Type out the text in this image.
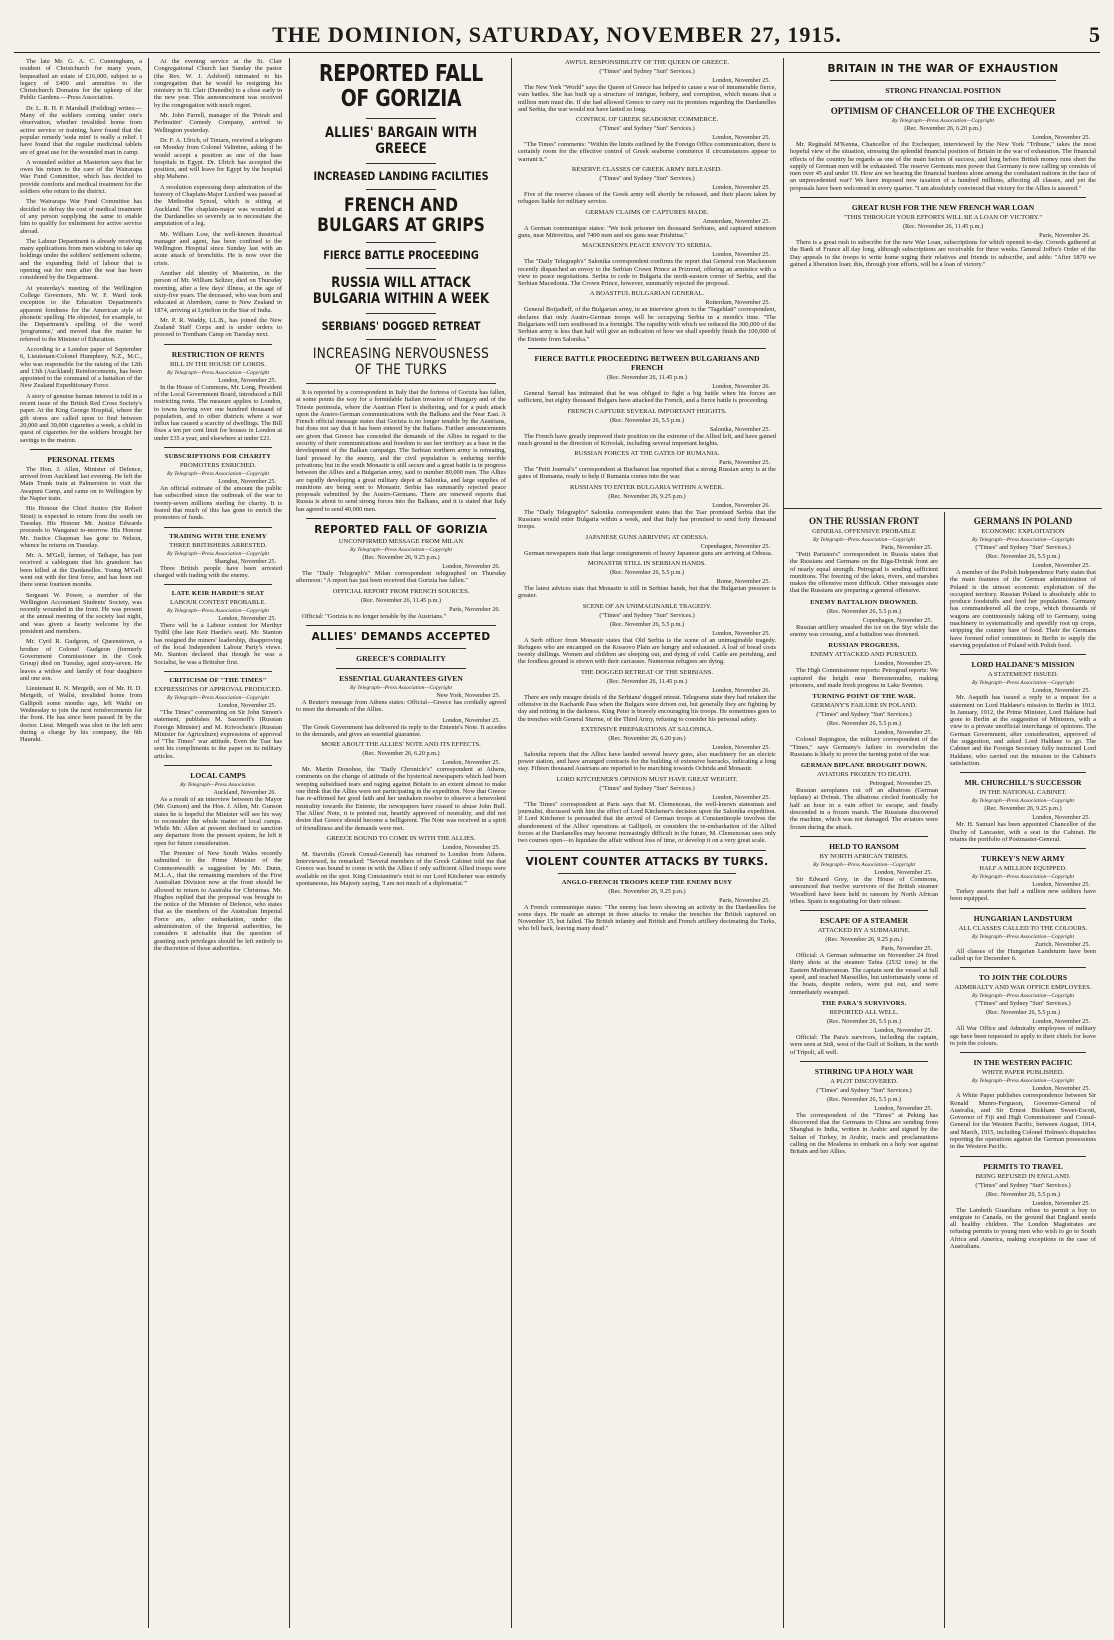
THE DOMINION, SATURDAY, NOVEMBER 27, 1915.	5

The late Mr. G. A. C. Cunningham, a resident of Christchurch for many years, bequeathed an estate of £16,000, subject to a legacy of £400 and annuities to the Christchurch Domains for the upkeep of the Public Gardens.—Press Association.

Dr. L. R. H. P. Marshall (Feilding) writes:—Many of the soldiers coming under one's observation, whether invalided home from active service or training, have found that the popular remedy 'soda mint' is really a relief. I have found that the regular medicinal tablets are of great use for the wounded man in camp.

A wounded soldier at Masterton says that he owes his return to the care of the Wairarapa War Fund Committee, which has decided to provide comforts and medical treatment for the soldiers who return to the district.

The Wairarapa War Fund Committee has decided to defray the cost of medical treatment of any person supplying the same to enable him to qualify for enlistment for active service abroad.

The Labour Department is already receiving many applications from men wishing to take up holdings under the soldiers' settlement scheme, and the expanding field of labour that is opening out for men after the war has been considered by the Department.

At yesterday's meeting of the Wellington College Governors, Mr. W. F. Ward took exception to the Education Department's apparent fondness for the American style of phonetic spelling. He objected, for example, to the Department's spelling of the word 'programme,' and moved that the matter be referred to the Minister of Education.

According to a London paper of September 6, Lieutenant-Colonel Humphrey, N.Z., M.C., who was responsible for the raising of the 12th and 13th (Auckland) Reinforcements, has been appointed to the command of a battalion of the New Zealand Expeditionary Force.

A story of genuine human interest is told in a recent issue of the British Red Cross Society's paper. At the King George Hospital, where the gift stores are called upon to find between 20,000 and 30,000 cigarettes a week, a child in quest of cigarettes for the soldiers brought her savings to the matron.

PERSONAL ITEMS

The Hon. J. Allen, Minister of Defence, arrived from Auckland last evening. He left the Main Trunk train at Palmerston to visit the Awapuni Camp, and came on to Wellington by the Napier train.

His Honour the Chief Justice (Sir Robert Stout) is expected to return from the south on Tuesday. His Honour Mr. Justice Edwards proceeds to Wanganui to-morrow. His Honour Mr. Justice Chapman has gone to Nelson, whence he returns on Tuesday.

Mr. A. M'Gell, farmer, of Taihape, has just received a cablegram that his grandson has been killed at the Dardanelles. Young M'Gell went out with the first force, and has been out there some fourteen months.

Sergeant W. Power, a member of the Wellington Accountant Students' Society, was recently wounded in the front. He was present at the annual meeting of the society last night, and was given a hearty welcome by the president and members.

Mr. Cyril R. Gudgeon, of Queenstown, a brother of Colonel Gudgeon (formerly Government Commissioner in the Cook Group) died on Tuesday, aged sixty-seven. He leaves a widow and family of four daughters and one son.

Lieutenant R. N. Mergeth, son of Mr. H. D. Mergeth, of Wallsi, invalided home from Gallipoli some months ago, left Waihi on Wednesday to join the next reinforcements for the front. He has since been passed fit by the doctor. Lieut. Mergeth was shot in the left arm during a charge by his company, the 6th Hauraki.

At the evening service at the St. Clair Congregational Church last Sunday the pastor (the Rev. W. J. Ashford) intimated to his congregation that he would be resigning his ministry in St. Clair (Dunedin) to a close early in the new year. This announcement was received by the congregation with much regret.

Mr. John Farrell, manager of the 'Petrah and Perlmutter' Comedy Company, arrived in Wellington yesterday.

Dr. F. A. Ulrich, of Timaru, received a telegram on Monday from Colonel Valintine, asking if he would accept a position as one of the base hospitals in Egypt. Dr. Ulrich has accepted the position, and will leave for Egypt by the hospital ship Maheno.

A resolution expressing deep admiration of the bravery of Chaplain-Major Luxford was passed at the Methodist Synod, which is sitting at Auckland. The chaplain-major was wounded at the Dardanelles so severely as to necessitate the amputation of a leg.

Mr. William Low, the well-known theatrical manager and agent, has been confined to the Wellington Hospital since Sunday last with an acute attack of bronchitis. He is now over the crisis.

Another old identity of Masterton, in the person of Mr. William Seltzer, died on Thursday morning, after a few days' illness, at the age of sixty-five years. The deceased, who was born and educated at Aberdeen, came to New Zealand in 1874, arriving at Lyttelton in the Star of India.

Mr. P. R. Waddy, LL.B., has joined the New Zealand Staff Corps and is under orders to proceed to Trentham Camp on Tuesday next.

RESTRICTION OF RENTS
BILL IN THE HOUSE OF LORDS.
By Telegraph—Press Association—Copyright
London, November 25.

In the House of Commons, Mr. Long, President of the Local Government Board, introduced a Bill restricting rents. The measure applies to London, to towns having over one hundred thousand of population, and to other districts where a war influx has caused a scarcity of dwellings. The Bill fixes a ten per cent limit for houses in London at under £35 a year, and elsewhere at under £21.

SUBSCRIPTIONS FOR CHARITY
PROMOTERS ENRICHED.
By Telegraph—Press Association—Copyright
London, November 25.

An official estimate of the amount the public has subscribed since the outbreak of the war to twenty-seven millions sterling for charity. It is feared that much of this has gone to enrich the promoters of funds.

TRADING WITH THE ENEMY
THREE BRITISHERS ARRESTED.
By Telegraph—Press Association—Copyright
Shanghai, November 25.

Three British people have been arrested charged with trading with the enemy.

LATE KEIR HARDIE'S SEAT
LABOUR CONTEST PROBABLE.
By Telegraph—Press Association—Copyright
London, November 25.

There will be a Labour contest for Merthyr Tydfil (the late Keir Hardie's seat). Mr. Stanton has resigned the miners' leadership, disapproving of the local Independent Labour Party's views. Mr. Stanton declared that though he was a Socialist, he was a Britisher first.

CRITICISM OF "THE TIMES"
EXPRESSIONS OF APPROVAL PRODUCED.
By Telegraph—Press Association—Copyright
London, November 25.

"The Times" commenting on Sir John Simon's statement, publishes M. Sazonoff's (Russian Foreign Minister) and M. Krivochein's (Russian Minister for Agriculture) expressions of approval of "The Times" war attitude. Even the Tsar has sent his compliments to the paper on its military articles.

LOCAL CAMPS
By Telegraph—Press Association.
Auckland, November 26.

As a result of an interview between the Mayor (Mr. Gunson) and the Hon. J. Allen, Mr. Gunson states he is hopeful the Minister will see his way to reconsider the whole matter of local camps. While Mr. Allen at present declined to sanction any departure from the present system, he left it open for future consideration.

The Premier of New South Wales recently submitted to the Prime Minister of the Commonwealth a suggestion by Mr. Dunn, M.L.A., that the remaining members of the First Australian Division now at the front should be allowed to return to Australia for Christmas. Mr. Hughes replied that the proposal was brought to the notice of the Minister of Defence, who states that as the members of the Australian Imperial Force are, after embarkation, under the administration of the Imperial authorities, he considers it advisable that the question of granting such privileges should be left entirely to the discretion of those authorities.

REPORTED FALL OF GORIZIA
ALLIES' BARGAIN WITH GREECE
INCREASED LANDING FACILITIES
FRENCH AND BULGARS AT GRIPS
FIERCE BATTLE PROCEEDING
RUSSIA WILL ATTACK BULGARIA WITHIN A WEEK
SERBIANS' DOGGED RETREAT
INCREASING NERVOUSNESS OF THE TURKS

It is reported by a correspondent in Italy that the fortress of Gorizia has fallen, at some points the way for a formidable Italian invasion of Hungary and of the Trieste peninsula, where the Austrian Fleet is sheltering, and for a push attack upon the Austro-German communications with the Balkans and the Near East. A French official message states that Gorizia is no longer tenable by the Austrians, but does not say that it has been entered by the Italians. Further announcements are given that Greece has conceded the demands of the Allies in regard to the security of their communications and freedom to use her territory as a base in the development of the Balkan campaign. The Serbian northern army is retreating, hard pressed by the enemy, and the civil population is enduring terrible privations; but in the south Monastir is still secure and a great battle is in progress between the Allies and a Bulgarian army, said to number 80,000 men. The Allies are rapidly developing a great military depot at Salonika, and large supplies of munitions are being sent to Monastir. Serbia has summarily rejected peace proposals submitted by the Austro-Germans. There are renewed reports that Russia is about to send strong forces into the Balkans, and it is stated that Italy has agreed to send 40,000 men.

REPORTED FALL OF GORIZIA
UNCONFIRMED MESSAGE FROM MILAN
By Telegraph—Press Association—Copyright
(Rec. November 26, 9.25 p.m.)
London, November 26.

The "Daily Telegraph's" Milan correspondent telegraphed on Thursday afternoon: "A report has just been received that Gorizia has fallen."

OFFICIAL REPORT FROM FRENCH SOURCES.
(Rec. November 26, 11.45 p.m.)
Paris, November 26.

Official: "Gorizia is no longer tenable by the Austrians."

ALLIES' DEMANDS ACCEPTED
GREECE'S CORDIALITY
ESSENTIAL GUARANTEES GIVEN
By Telegraph—Press Association—Copyright
New York, November 25.

A Reuter's message from Athens states: Official—Greece has cordially agreed to meet the demands of the Allies.

London, November 25.

The Greek Government has delivered its reply to the Entente's Note. It accedes to the demands, and gives an essential guarantee.

MORE ABOUT THE ALLIES' NOTE AND ITS EFFECTS.
(Rec. November 26, 6.20 p.m.)
London, November 25.

Mr. Martin Donohoe, the "Daily Chronicle's" correspondent at Athens, comments on the change of attitude of the hysterical newspapers which had been weeping subsidised tears and raging against Britain to an extent almost to make one think that the Allies were not participating in the expedition. Now that Greece has re-affirmed her good faith and her unshaken resolve to observe a benevolent neutrality towards the Entente, the newspapers have ceased to abuse John Bull. The Allies' Note, it is pointed out, heartily approved of neutrality, and did not desire that Greece should become a belligerent. The Note was received in a spirit of friendliness and the demands were met.

GREECE BOUND TO COME IN WITH THE ALLIES.
London, November 25.

M. Stavridis (Greek Consul-General) has returned to London from Athens. Interviewed, he remarked: "Several members of the Greek Cabinet told me that Greece was bound to come in with the Allies if only sufficient Allied troops were available on the spot. King Constantine's visit to our Lord Kitchener was entirely spontaneous, his Majesty saying, 'I am not much of a diplomatist.'"

AWFUL RESPONSIBILITY OF THE QUEEN OF GREECE.
("Times" and Sydney "Sun" Services.)
London, November 25.

The New York "World" says the Queen of Greece has helped to cause a war of innumerable fierce, vain battles. She has built up a structure of intrigue, bribery, and corruption, which means that a million men must die. If she had allowed Greece to carry out its promises regarding the Dardanelles and Serbia, the war would not have lasted so long.

CONTROL OF GREEK SEABORNE COMMERCE.
("Times" and Sydney "Sun" Services.)
London, November 25.

"The Times" comments: "Within the limits outlined by the Foreign Office communication, there is certainly room for the effective control of Greek seaborne commerce if circumstances appear to warrant it."

RESERVE CLASSES OF GREEK ARMY RELEASED.
("Times" and Sydney "Sun" Services.)
London, November 25.

Five of the reserve classes of the Greek army will shortly be released, and their places taken by refugees liable for military service.

GERMAN CLAIMS OF CAPTURES MADE.
Amsterdam, November 25.

A German communique states: "We took prisoner ten thousand Serbians, and captured nineteen guns, near Mitrovitza, and 7400 men and six guns near Prishtina."

MACKENSEN'S PEACE ENVOY TO SERBIA.
London, November 25.

The "Daily Telegraph's" Salonika correspondent confirms the report that General von Mackensen recently dispatched an envoy to the Serbian Crown Prince at Prizrend, offering an armistice with a view to peace negotiations. Serbia to cede to Bulgaria the north-eastern corner of Serbia, and the Serbian Macedonia. The Crown Prince, however, summarily rejected the proposal.

A BOASTFUL BULGARIAN GENERAL.
Rotterdam, November 25.

General Boijadieff, of the Bulgarian army, in an interview given to the "Tageblatt" correspondent, declares that only Austro-German troops will be occupying Serbia in a month's time. "The Bulgarians will turn southward in a fortnight. The rapidity with which we reduced the 300,000 of the Serbian army is less than half will give an indication of how we shall speedily finish the 100,000 of the Entente from Salonika."

FIERCE BATTLE PROCEEDING BETWEEN BULGARIANS AND FRENCH
(Rec. November 26, 11.45 p.m.)
London, November 26.

General Sarrail has intimated that he was obliged to fight a big battle when his forces are sufficient, but eighty thousand Bulgars have attacked the French, and a fierce battle is proceeding.

FRENCH CAPTURE SEVERAL IMPORTANT HEIGHTS.
(Rec. November 26, 5.5 p.m.)
Salonika, November 25.

The French have greatly improved their position on the extreme of the Allied left, and have gained much ground in the direction of Krivolak, including several important heights.

RUSSIAN FORCES AT THE GATES OF RUMANIA.
Paris, November 25.

The "Petit Journal's" correspondent at Bucharest has reported that a strong Russian army is at the gates of Rumania, ready to help if Rumania comes into the war.

RUSSIANS TO ENTER BULGARIA WITHIN A WEEK.
(Rec. November 26, 9.25 p.m.)
London, November 26.

The "Daily Telegraph's" Salonika correspondent states that the Tsar promised Serbia that the Russians would enter Bulgaria within a week, and that Italy has promised to send forty thousand troops.

JAPANESE GUNS ARRIVING AT ODESSA.
Copenhagen, November 25.

German newspapers state that large consignments of heavy Japanese guns are arriving at Odessa.

MONASTIR STILL IN SERBIAN HANDS.
(Rec. November 26, 5.5 p.m.)
Rome, November 25.

The latest advices state that Monastir is still in Serbian hands, but that the Bulgarian pressure is greater.

SCENE OF AN UNIMAGINABLE TRAGEDY.
("Times" and Sydney "Sun" Services.)
(Rec. November 26, 5.5 p.m.)
London, November 25.

A Serb officer from Monastir states that Old Serbia is the scene of an unimaginable tragedy. Refugees who are encamped on the Kossovo Plain are hungry and exhausted. A loaf of bread costs twenty shillings. Women and children are sleeping out, and dying of cold. Cattle are perishing, and the foodless ground is strewn with their carcasses. Numerous refugees are dying.

THE DOGGED RETREAT OF THE SERBIANS.
(Rec. November 26, 11.45 p.m.)
London, November 26.

There are only meagre details of the Serbians' dogged retreat. Telegrams state they had retaken the offensive in the Kachanik Pass when the Bulgars were driven out, but generally they are fighting by day and retiring in the darkness. King Peter is bravely encouraging his troops. He sometimes goes to the trenches with General Sturme, of the Third Army, refusing to consider his personal safety.

EXTENSIVE PREPARATIONS AT SALONIKA.
(Rec. November 26, 6.20 p.m.)
London, November 25.

Salonika reports that the Allies have landed several heavy guns, also machinery for an electric power station, and have arranged contracts for the building of extensive barracks, indicating a long stay. Fifteen thousand Austrians are reported to be marching towards Ochrida and Monastir.

LORD KITCHENER'S OPINION MUST HAVE GREAT WEIGHT.
("Times" and Sydney "Sun" Services.)
London, November 25.

"The Times" correspondent at Paris says that M. Clemenceau, the well-known statesman and journalist, discussed with him the effect of Lord Kitchener's decision upon the Salonika expedition. If Lord Kitchener is persuaded that the arrival of German troops at Constantinople involves the abandonment of the Allies' operations at Gallipoli, or considers the re-embarkation of the Allied forces at the Dardanelles may become increasingly difficult in the future, M. Clemenceau sees only two courses open—to liquidate the affair without loss of time, or develop it on a very great scale.

VIOLENT COUNTER ATTACKS BY TURKS.
ANGLO-FRENCH TROOPS KEEP THE ENEMY BUSY
(Rec. November 26, 9.25 p.m.)
Paris, November 25.

A French communique states: "The enemy has been showing an activity in the Dardanelles for some days. He made an attempt in three attacks to retake the trenches the British captured on November 15, but failed. The British infantry and British and French artillery decimating the Turks, who fell back, leaving many dead."

BRITAIN IN THE WAR OF EXHAUSTION
STRONG FINANCIAL POSITION
OPTIMISM OF CHANCELLOR OF THE EXCHEQUER
By Telegraph—Press Association—Copyright
(Rec. November 26, 6.20 p.m.)
London, November 25.

Mr. Reginald M'Kenna, Chancellor of the Exchequer, interviewed by the New York "Tribune," takes the most hopeful view of the situation, stressing the splendid financial position of Britain in the war of exhaustion. The financial effects of the country he regards as one of the main factors of success, and long before British money runs short the supply of German men will be exhausted. The reserve Germans men power that Germany is now calling up consists of men over 45 and under 19. How are we bearing the financial burdens alone among the combatant nations in the face of an unprecedented war? We have imposed new taxation of a hundred millions, affecting all classes, and yet the proposals have been welcomed in every quarter. "I am absolutely convinced that victory for the Allies is assured."

GREAT RUSH FOR THE NEW FRENCH WAR LOAN
"THIS THROUGH YOUR EFFORTS WILL BE A LOAN OF VICTORY."
(Rec. November 26, 11.45 p.m.)
Paris, November 26.

There is a great rush to subscribe for the new War Loan, subscriptions for which opened to-day. Crowds gathered at the Bank of France all day long, although subscriptions are receivable for three weeks. General Joffre's Order of the Day appeals to the troops to write home urging their relatives and friends to subscribe, and adds: "After 1870 we gained a liberation loan; this, through your efforts, will be a loan of victory."

ON THE RUSSIAN FRONT
GENERAL OFFENSIVE PROBABLE
By Telegraph—Press Association—Copyright
Paris, November 25.

"Petit Parisien's" correspondent in Russia states that the Russians and Germans on the Riga-Dvinsk front are of nearly equal strength. Petrograd is sending sufficient munitions. The freezing of the lakes, rivers, and marshes makes the offensive more difficult. Other messages state that the Russians are preparing a general offensive.

ENEMY BATTALION DROWNED.
(Rec. November 26, 5.5 p.m.)
Copenhagen, November 25.

Russian artillery smashed the ice on the Styr while the enemy was crossing, and a battalion was drowned.

RUSSIAN PROGRESS.
ENEMY ATTACKED AND PURSUED.
London, November 25.

The High Commissioner reports: Petrograd reports: We captured the height near Bereznemudno, making prisoners, and made fresh progress in Lake Sventen.

TURNING POINT OF THE WAR.
GERMANY'S FAILURE IN POLAND.
("Times" and Sydney "Sun" Services.)
(Rec. November 26, 5.5 p.m.)
London, November 25.

Colonel Repington, the military correspondent of the "Times," says Germany's failure to overwhelm the Russians is likely to prove the turning point of the war.

GERMAN BIPLANE BROUGHT DOWN.
AVIATORS FROZEN TO DEATH.
Petrograd, November 25.

Russian aeroplanes cut off an albatross (German biplane) at Dvinsk. The albatross circled frantically for half an hour in a vain effort to escape, and finally descended in a frozen marsh. The Russians discovered the machine, which was not damaged. The aviators were frozen during the attack.

HELD TO RANSOM
BY NORTH AFRICAN TRIBES.
By Telegraph—Press Association—Copyright
London, November 25.

Sir Edward Grey, in the House of Commons, announced that twelve survivors of the British steamer Woodford have been held to ransom by North African tribes. Spain is negotiating for their release.

ESCAPE OF A STEAMER
ATTACKED BY A SUBMARINE.
(Rec. November 26, 9.25 p.m.)
Paris, November 25.

Official: A German submarine on November 24 fired thirty shots at the steamer Tafna (2532 tons) in the Eastern Mediterranean. The captain sent the vessel at full speed, and reached Marseilles, but unfortunately some of the boats, despite orders, were put out, and were immediately swamped.

THE PARA'S SURVIVORS.
REPORTED ALL WELL.
(Rec. November 26, 5.5 p.m.)
London, November 25.

Official: The Para's survivors, including the captain, were seen at Sidi, west of the Gulf of Sollum, in the north of Tripoli, all well.

STIRRING UP A HOLY WAR
A PLOT DISCOVERED.
("Times" and Sydney "Sun" Services.)
(Rec. November 26, 5.5 p.m.)
London, November 25.

The correspondent of the "Times" at Peking has discovered that the Germans in China are sending from Shanghai to India, written in Arabic and signed by the Sultan of Turkey, in Arabic, tracts and proclamations calling on the Moslems to embark on a holy war against Britain and her Allies.

GERMANS IN POLAND
ECONOMIC EXPLOITATION
By Telegraph—Press Association—Copyright
("Times" and Sydney "Sun" Services.)
(Rec. November 26, 5.5 p.m.)
London, November 25.

A member of the Polish Independence Party states that the main features of the German administration of Poland is the utmost economic exploitation of the occupied territory. Russian Poland is absolutely able to produce foodstuffs and feed her population. Germany has commandeered all the crops, which thousands of wagons are continuously taking off to Germany, using machinery to systematically and speedily root up crops, stripping the country bare of food. Their the Germans have formed relief committees in Berlin to supply the starving population of Poland with Polish food.

LORD HALDANE'S MISSION
A STATEMENT ISSUED.
By Telegraph—Press Association—Copyright
London, November 25.

Mr. Asquith has issued a reply to a request for a statement on Lord Haldane's mission to Berlin in 1912. In January, 1912, the Prime Minister, Lord Haldane had gone to Berlin at the suggestion of Ministers, with a view to a private unofficial interchange of opinions. The German Government, after consideration, approved of the suggestion, and asked Lord Haldane to go. The Cabinet and the Foreign Secretary fully instructed Lord Haldane, who carried out the mission to the Cabinet's satisfaction.

MR. CHURCHILL'S SUCCESSOR
IN THE NATIONAL CABINET.
By Telegraph—Press Association—Copyright
(Rec. November 26, 9.25 p.m.)
London, November 25.

Mr. H. Samuel has been appointed Chancellor of the Duchy of Lancaster, with a seat in the Cabinet. He retains the portfolio of Postmaster-General.

TURKEY'S NEW ARMY
HALF A MILLION EQUIPPED.
By Telegraph—Press Association—Copyright
London, November 25.

Turkey asserts that half a million new soldiers have been equipped.

HUNGARIAN LANDSTURM
ALL CLASSES CALLED TO THE COLOURS.
By Telegraph—Press Association—Copyright
Zurich, November 25.

All classes of the Hungarian Landsturm have been called up for December 6.

TO JOIN THE COLOURS
ADMIRALTY AND WAR OFFICE EMPLOYEES.
By Telegraph—Press Association—Copyright
("Times" and Sydney "Sun" Services.)
(Rec. November 26, 5.5 p.m.)
London, November 25.

All War Office and Admiralty employees of military age have been requested to apply to their chiefs for leave to join the colours.

IN THE WESTERN PACIFIC
WHITE PAPER PUBLISHED.
By Telegraph—Press Association—Copyright
London, November 25.

A White Paper publishes correspondence between Sir Ronald Munro-Ferguson, Governor-General of Australia, and Sir Ernest Bickham Sweet-Escott, Governor of Fiji and High Commissioner and Consul-General for the Western Pacific, between August, 1914, and March, 1915, including Colonel Holmes's dispatches reporting the operations against the German possessions in the Western Pacific.

PERMITS TO TRAVEL
BEING REFUSED IN ENGLAND.
("Times" and Sydney "Sun" Services.)
(Rec. November 26, 5.5 p.m.)
London, November 25.

The Lambeth Guardians refuse to permit a boy to emigrate to Canada, on the ground that England needs all healthy children. The London Magistrates are refusing permits to young men who wish to go to South Africa and America, making exceptions in the case of Australians.
